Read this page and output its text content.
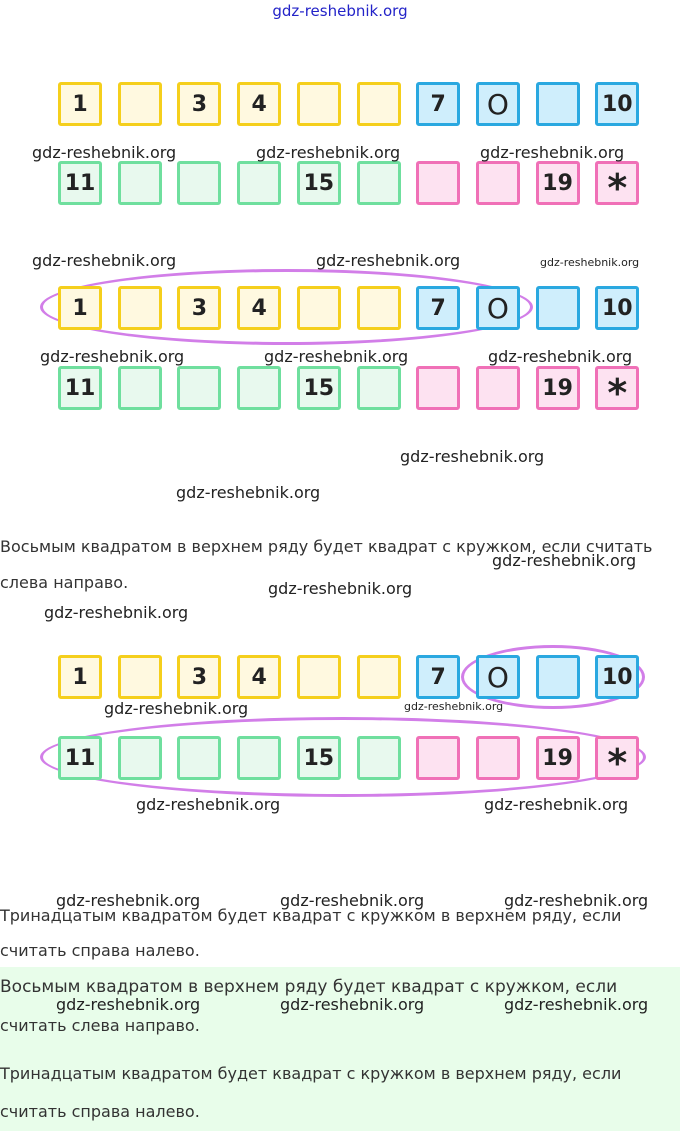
gdz-reshebnik.org
1	3 4	7 O	10
11	15	19 *
1	3 4	7 O	10
11	15	19 *
Восьмым квадратом в верхнем ряду будет квадрат с кружком, если считать
слева направо.
1	3 4	7 O	10
11	15	19 *
Тринадцатым квадратом будет квадрат с кружком в верхнем ряду, если
считать справа налево.
Восьмым квадратом в верхнем ряду будет квадрат с кружком, если
считать слева направо.
Тринадцатым квадратом будет квадрат с кружком в верхнем ряду, если
считать справа налево.
gdz-reshebnik.org	gdz-reshebnik.org	gdz-reshebnik.org
gdz-reshebnik.org	gdz-reshebnik.org	gdz-reshebnik.org
gdz-reshebnik.org	gdz-reshebnik.org	gdz-reshebnik.org
gdz-reshebnik.org
gdz-reshebnik.org
gdz-reshebnik.org
gdz-reshebnik.org
gdz-reshebnik.org
gdz-reshebnik.org	gdz-reshebnik.org
gdz-reshebnik.org	gdz-reshebnik.org
gdz-reshebnik.org	gdz-reshebnik.org	gdz-reshebnik.org
gdz-reshebnik.org	gdz-reshebnik.org	gdz-reshebnik.org
